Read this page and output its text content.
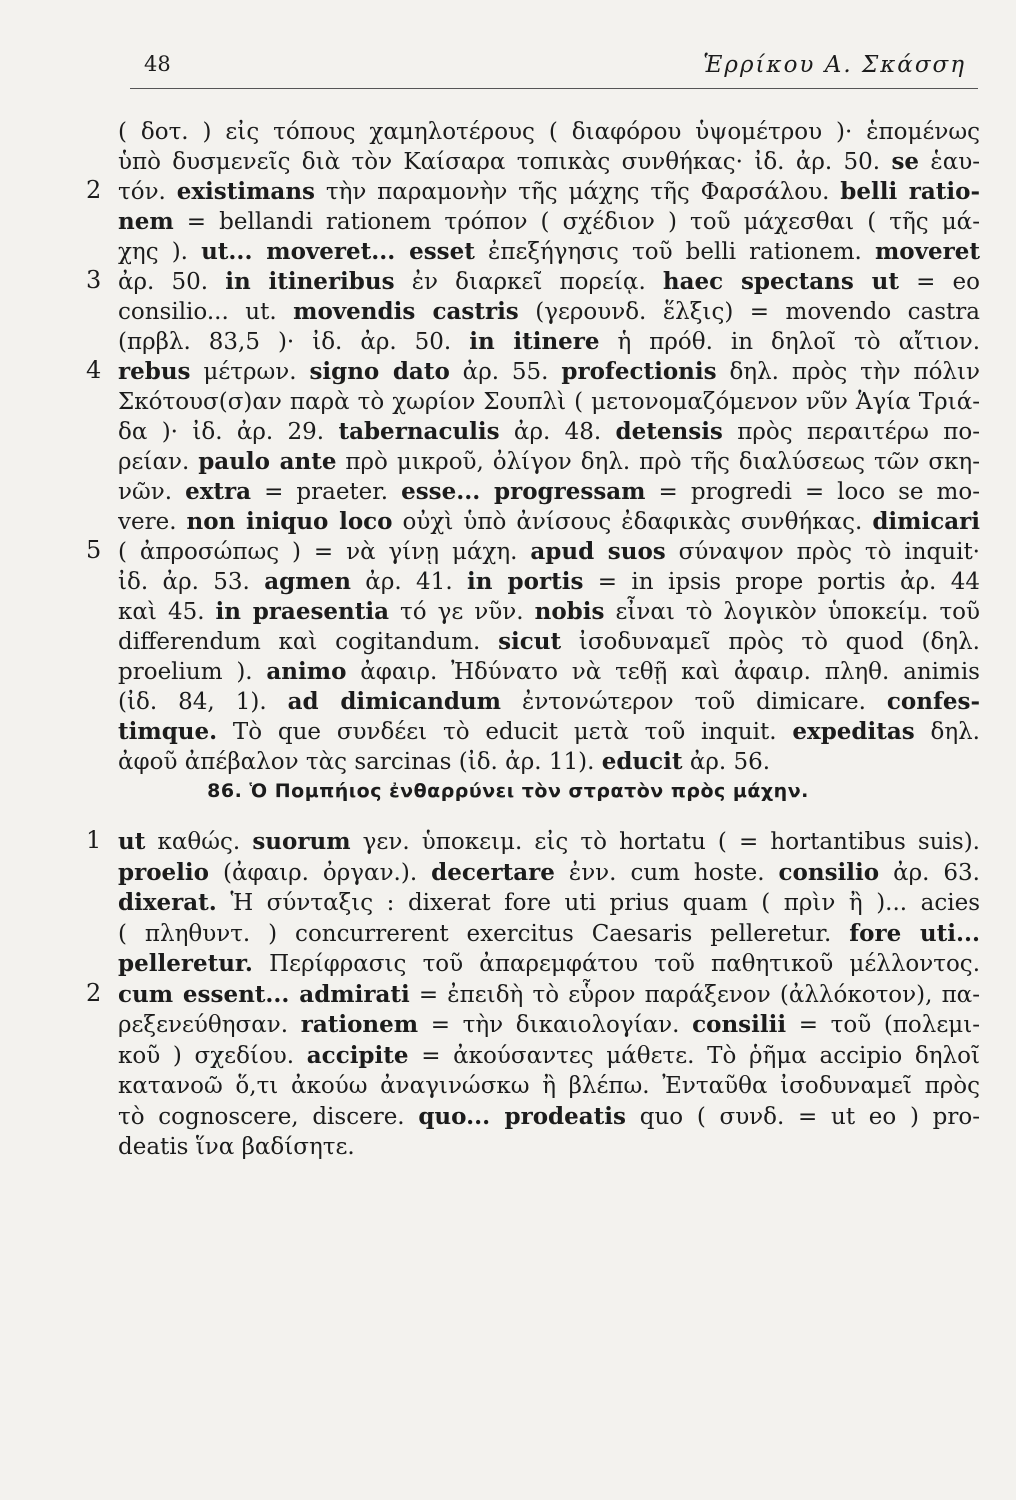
48	Ἑρρίκου Α. Σκάσση
( δοτ. ) εἰς τόπους χαμηλοτέρους ( διαφόρου ὑψομέτρου )· ἑπομένως
ὑπὸ δυσμενεῖς διὰ τὸν Καίσαρα τοπικὰς συνθήκας· ἰδ. ἀρ. 50. se ἑαυ-
2 τόν. existimans τὴν παραμονὴν τῆς μάχης τῆς Φαρσάλου. belli ratio-
nem = bellandi rationem τρόπον ( σχέδιον ) τοῦ μάχεσθαι ( τῆς μά-
χης ). ut... moveret... esset ἐπεξήγησις τοῦ belli rationem. moveret
3 ἀρ. 50. in itineribus ἐν διαρκεῖ πορείᾳ. haec spectans ut = eo
consilio... ut. movendis castris (γερουνδ. ἕλξις) = movendo castra
(πρβλ. 83,5 )· ἰδ. ἀρ. 50. in itinere ἡ πρόθ. in δηλοῖ τὸ αἴτιον.
4 rebus μέτρων. signo dato ἀρ. 55. profectionis δηλ. πρὸς τὴν πόλιν
Σκότουσ(σ)αν παρὰ τὸ χωρίον Σουπλὶ ( μετονομαζόμενον νῦν Ἁγία Τριά-
δα )· ἰδ. ἀρ. 29. tabernaculis ἀρ. 48. detensis πρὸς περαιτέρω πο-
ρείαν. paulo ante πρὸ μικροῦ, ὀλίγον δηλ. πρὸ τῆς διαλύσεως τῶν σκη-
νῶν. extra = praeter. esse... progressam = progredi = loco se mo-
vere. non iniquo loco οὐχὶ ὑπὸ ἀνίσους ἐδαφικὰς συνθήκας. dimicari
5 ( ἀπροσώπως ) = νὰ γίνῃ μάχη. apud suos σύναψον πρὸς τὸ inquit·
ἰδ. ἀρ. 53. agmen ἀρ. 41. in portis = in ipsis prope portis ἀρ. 44
καὶ 45. in praesentia τό γε νῦν. nobis εἶναι τὸ λογικὸν ὑποκείμ. τοῦ
differendum καὶ cogitandum. sicut ἰσοδυναμεῖ πρὸς τὸ quod (δηλ.
proelium ). animo ἀφαιρ. Ἠδύνατο νὰ τεθῇ καὶ ἀφαιρ. πληθ. animis
(ἰδ. 84, 1). ad dimicandum ἐντονώτερον τοῦ dimicare. confes-
timque. Τὸ que συνδέει τὸ educit μετὰ τοῦ inquit. expeditas δηλ.
ἀφοῦ ἀπέβαλον τὰς sarcinas (ἰδ. ἀρ. 11). educit ἀρ. 56.
86. Ὁ Πομπήιος ἐνθαρρύνει τὸν στρατὸν πρὸς μάχην.
1 ut καθώς. suorum γεν. ὑποκειμ. εἰς τὸ hortatu ( = hortantibus suis).
proelio (ἀφαιρ. ὀργαν.). decertare ἐνν. cum hoste. consilio ἀρ. 63.
dixerat. Ἡ σύνταξις : dixerat fore uti prius quam ( πρὶν ἢ )... acies
( πληθυντ. ) concurrerent exercitus Caesaris pelleretur. fore uti...
pelleretur. Περίφρασις τοῦ ἀπαρεμφάτου τοῦ παθητικοῦ μέλλοντος.
2 cum essent... admirati = ἐπειδὴ τὸ εὗρον παράξενον (ἀλλόκοτον), πα-
ρεξενεύθησαν. rationem = τὴν δικαιολογίαν. consilii = τοῦ (πολεμι-
κοῦ ) σχεδίου. accipite = ἀκούσαντες μάθετε. Τὸ ῥῆμα accipio δηλοῖ
κατανοῶ ὅ,τι ἀκούω ἀναγινώσκω ἢ βλέπω. Ἐνταῦθα ἰσοδυναμεῖ πρὸς
τὸ cognoscere, discere. quo... prodeatis quo ( συνδ. = ut eo ) pro-
deatis ἵνα βαδίσητε.
